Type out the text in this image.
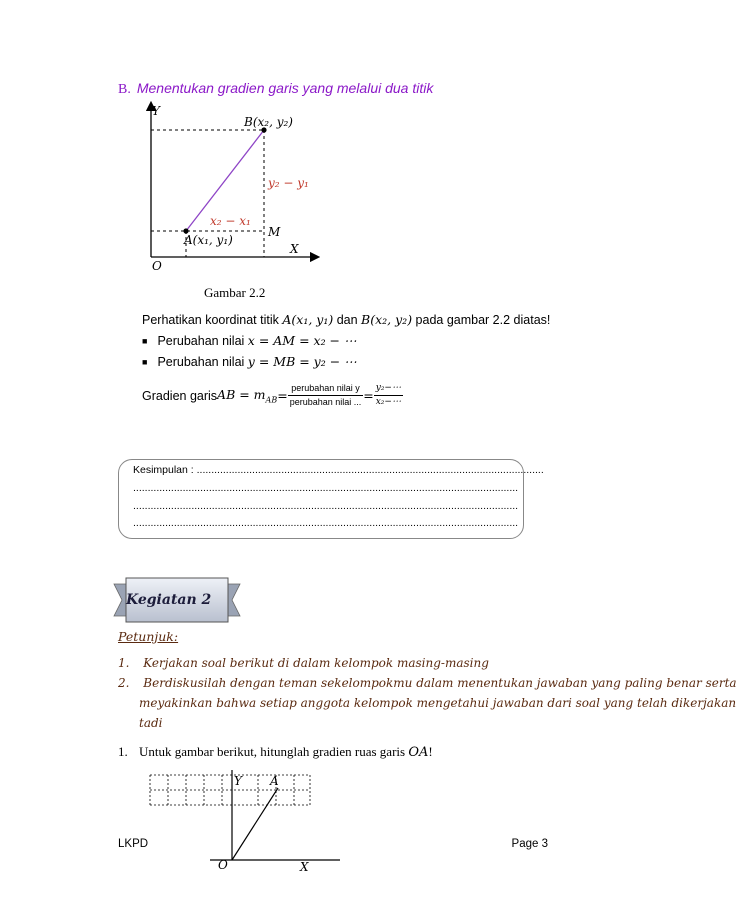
B. Menentukan gradien garis yang melalui dua titik
Y
B(x₂, y₂)
y₂ − y₁
x₂ − x₁
M
A(x₁, y₁)
X
O
Gambar 2.2
Perhatikan koordinat titik A(x₁, y₁) dan B(x₂, y₂) pada gambar 2.2 diatas!
■ Perubahan nilai x = AM = x₂ − ⋯
■ Perubahan nilai y = MB = y₂ − ⋯
Gradien garis AB = $m_{AB} = \frac{\text{perubahan nilai y}}{\text{perubahan nilai ...}} = \frac{\text{y₂−⋯}}{\text{x₂−⋯}}$
Kesimpulan : .......................................................................................................................
....................................................................................................................................
....................................................................................................................................
....................................................................................................................................
Kegiatan 2
Petunjuk:
1. Kerjakan soal berikut di dalam kelompok masing-masing
2. Berdiskusilah dengan teman sekelompokmu dalam menentukan jawaban yang paling benar serta
meyakinkan bahwa setiap anggota kelompok mengetahui jawaban dari soal yang telah dikerjakan
tadi
1. Untuk gambar berikut, hitunglah gradien ruas garis OA!
Y A
O	X
LKPD	Page 3
